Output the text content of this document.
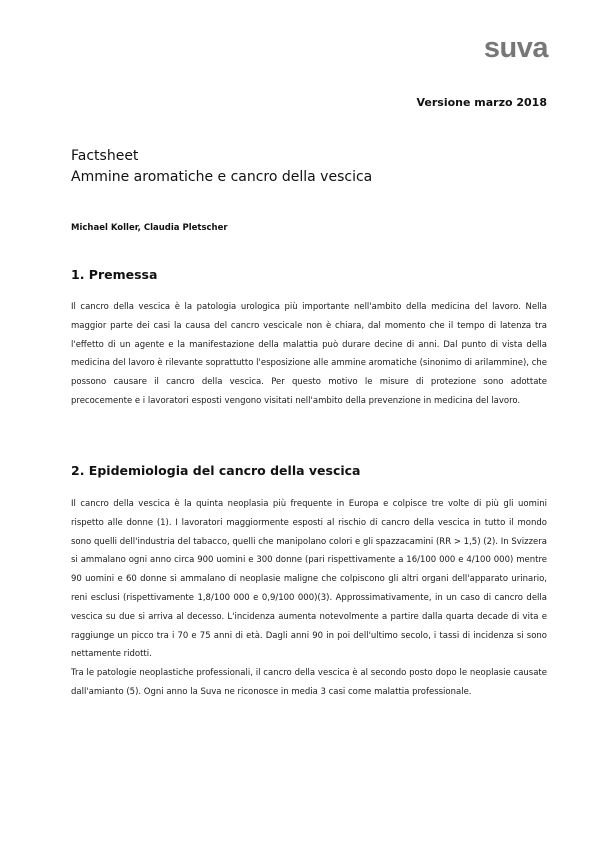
suva
Versione marzo 2018
Factsheet
Ammine aromatiche e cancro della vescica
Michael Koller, Claudia Pletscher
1. Premessa

Il cancro della vescica è la patologia urologica più importante nell'ambito della medicina del lavoro. Nella maggior parte dei casi la causa del cancro vescicale non è chiara, dal momento che il tempo di latenza tra l'effetto di un agente e la manifestazione della malattia può durare decine di anni. Dal punto di vista della medicina del lavoro è rilevante soprattutto l'esposizione alle ammine aromatiche (sinonimo di arilammine), che possono causare il cancro della vescica. Per questo motivo le misure di protezione sono adottate precocemente e i lavoratori esposti vengono visitati nell'ambito della prevenzione in medicina del lavoro.

2. Epidemiologia del cancro della vescica

Il cancro della vescica è la quinta neoplasia più frequente in Europa e colpisce tre volte di più gli uomini rispetto alle donne (1). I lavoratori maggiormente esposti al rischio di cancro della vescica in tutto il mondo sono quelli dell'industria del tabacco, quelli che manipolano colori e gli spazzacamini (RR > 1,5) (2). In Svizzera si ammalano ogni anno circa 900 uomini e 300 donne (pari rispettivamente a 16/100 000 e 4/100 000) mentre 90 uomini e 60 donne si ammalano di neoplasie maligne che colpiscono gli altri organi dell'apparato urinario, reni esclusi (rispettivamente 1,8/100 000 e 0,9/100 000)(3). Approssimativamente, in un caso di cancro della vescica su due si arriva al decesso. L'incidenza aumenta notevolmente a partire dalla quarta decade di vita e raggiunge un picco tra i 70 e 75 anni di età. Dagli anni 90 in poi dell'ultimo secolo, i tassi di incidenza si sono nettamente ridotti.

Tra le patologie neoplastiche professionali, il cancro della vescica è al secondo posto dopo le neoplasie causate dall'amianto (5). Ogni anno la Suva ne riconosce in media 3 casi come malattia professionale.
